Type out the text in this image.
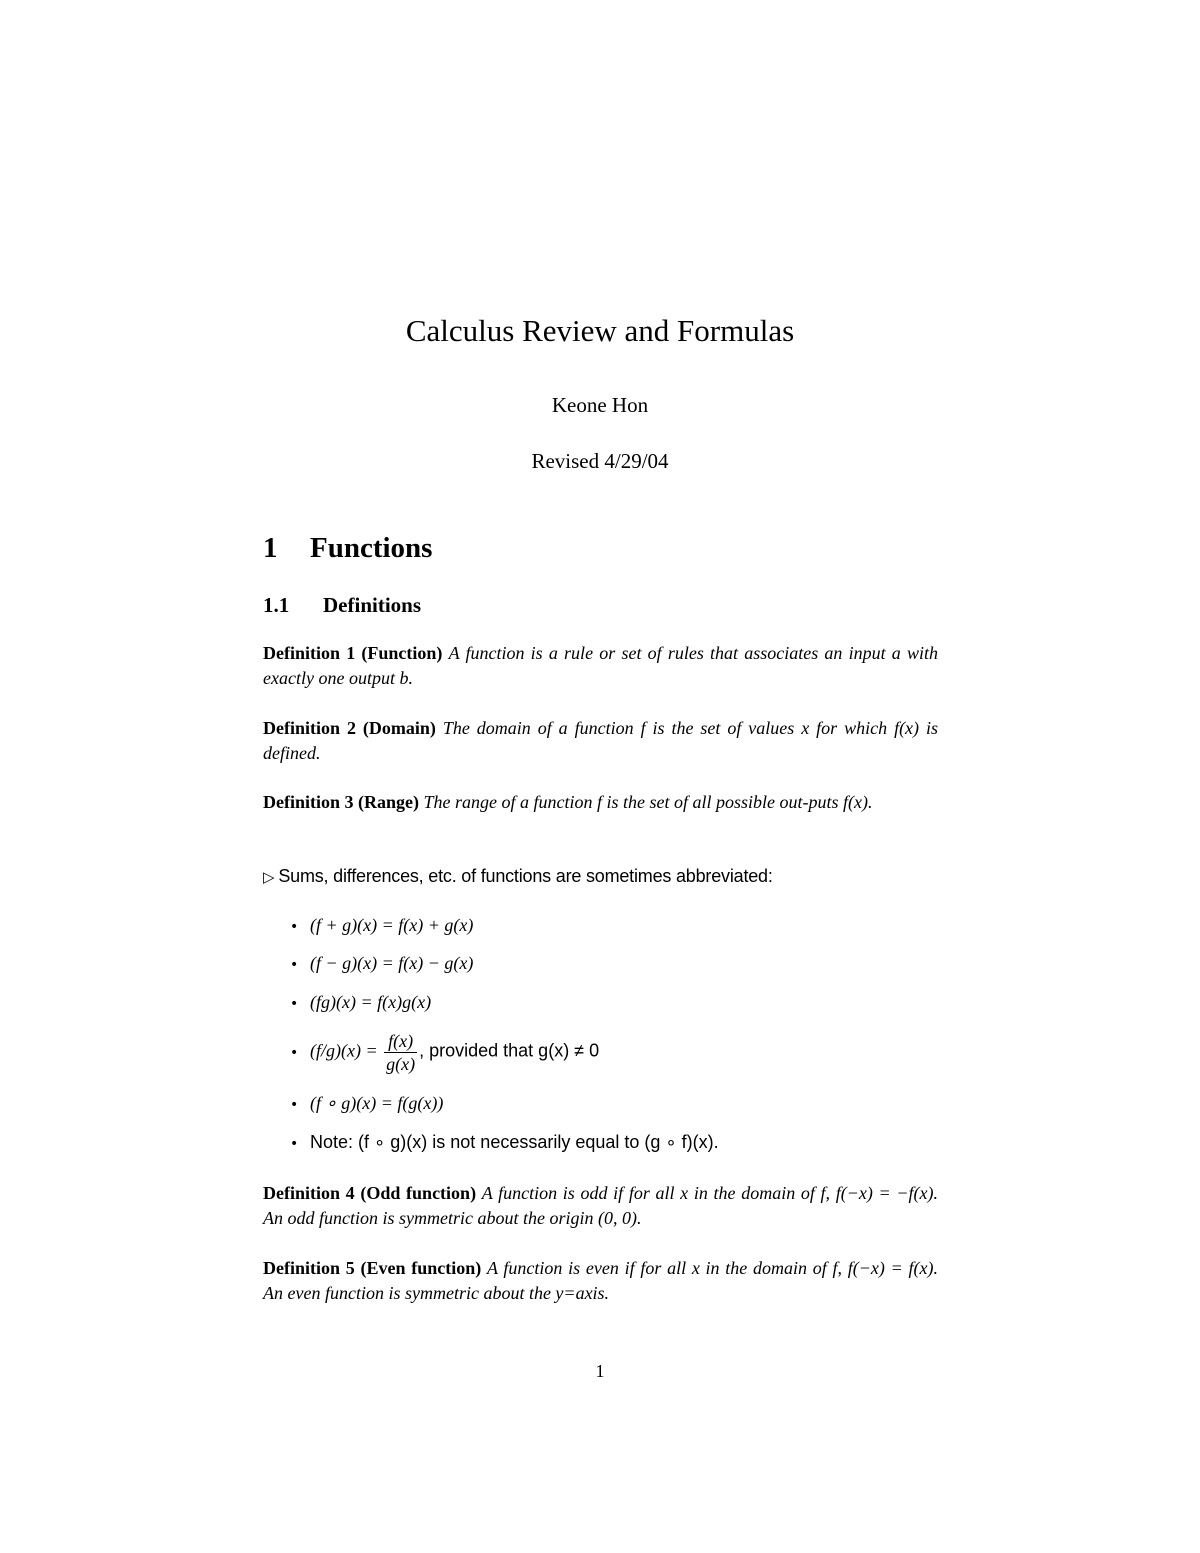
Calculus Review and Formulas
Keone Hon
Revised 4/29/04
1 Functions
1.1 Definitions
Definition 1 (Function) A function is a rule or set of rules that associates an input a with exactly one output b.
Definition 2 (Domain) The domain of a function f is the set of values x for which f(x) is defined.
Definition 3 (Range) The range of a function f is the set of all possible out-puts f(x).
▷ Sums, differences, etc. of functions are sometimes abbreviated:
• (f + g)(x) = f(x) + g(x)
• (f − g)(x) = f(x) − g(x)
• (fg)(x) = f(x)g(x)
• $(f/g)(x) = \frac{f(x)}{g(x)}$ , provided that g(x) ≠ 0
• (f ∘ g)(x) = f(g(x))
• Note: (f ∘ g)(x) is not necessarily equal to (g ∘ f)(x).
Definition 4 (Odd function) A function is odd if for all x in the domain of f, f(−x) = −f(x). An odd function is symmetric about the origin (0, 0).
Definition 5 (Even function) A function is even if for all x in the domain of f, f(−x) = f(x). An even function is symmetric about the y=axis.
1
